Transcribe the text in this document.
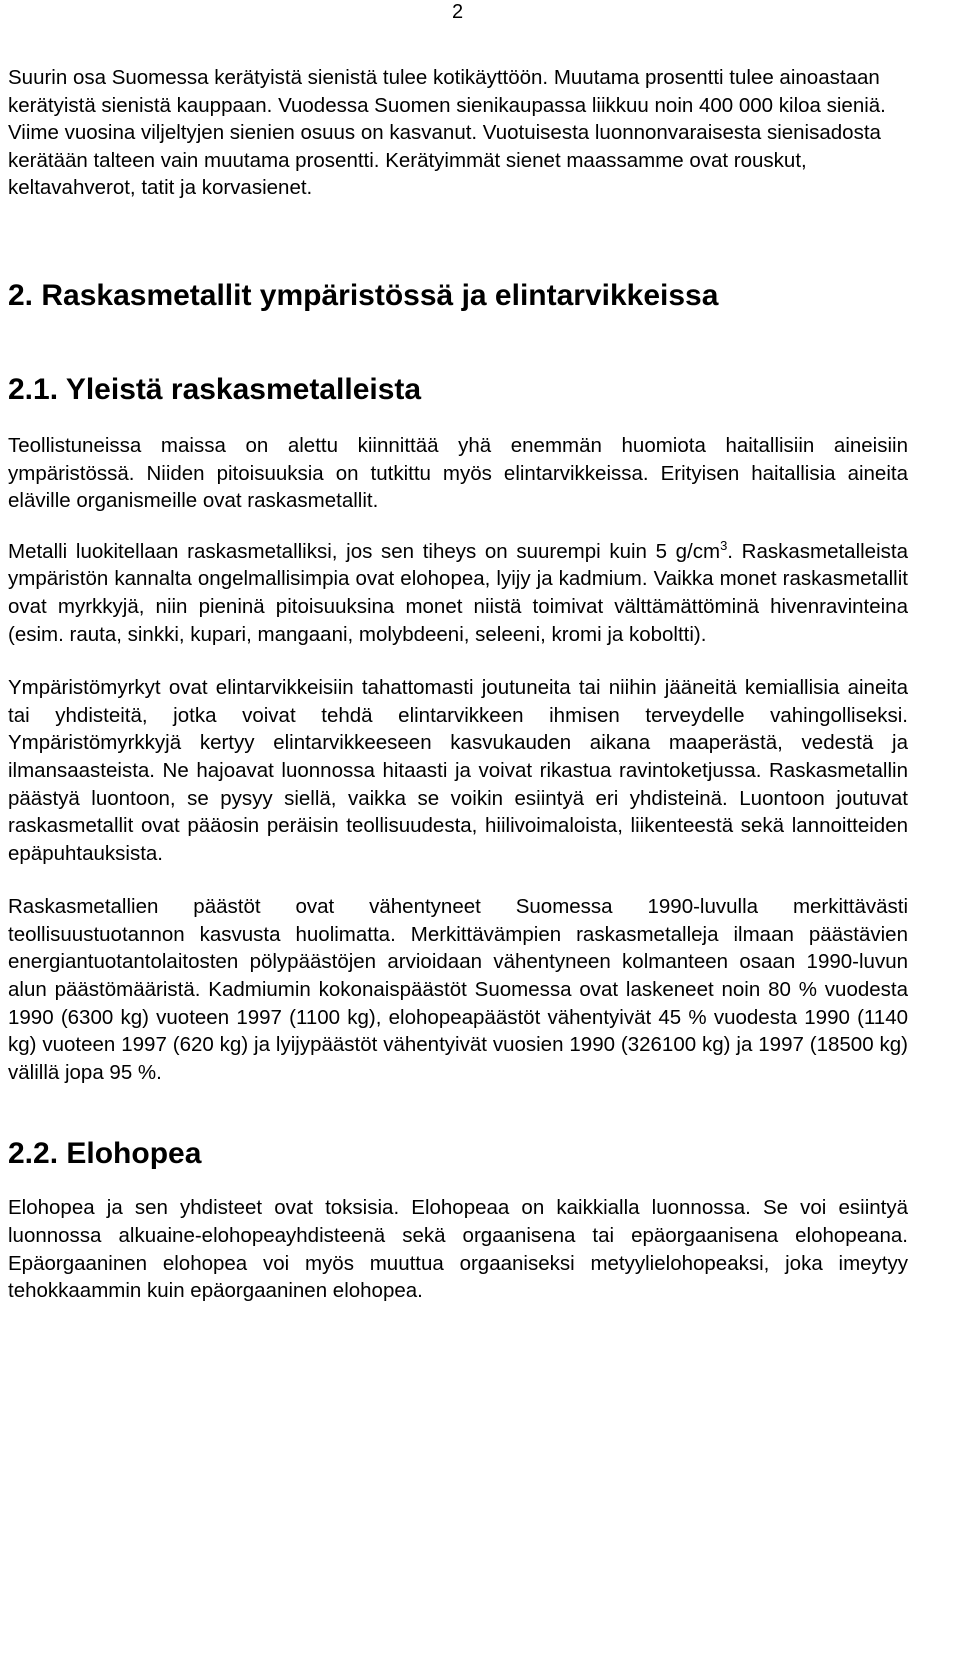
2

Suurin osa Suomessa kerätyistä sienistä tulee kotikäyttöön. Muutama prosentti tulee ainoastaan kerätyistä sienistä kauppaan. Vuodessa Suomen sienikaupassa liikkuu noin 400 000 kiloa sieniä. Viime vuosina viljeltyjen sienien osuus on kasvanut. Vuotuisesta luonnonvaraisesta sienisadosta kerätään talteen vain muutama prosentti. Kerätyimmät sienet maassamme ovat rouskut, keltavahverot, tatit ja korvasienet.

2. Raskasmetallit ympäristössä ja elintarvikkeissa
2.1. Yleistä raskasmetalleista

Teollistuneissa maissa on alettu kiinnittää yhä enemmän huomiota haitallisiin aineisiin ympäristössä. Niiden pitoisuuksia on tutkittu myös elintarvikkeissa. Erityisen haitallisia aineita eläville organismeille ovat raskasmetallit.

Metalli luokitellaan raskasmetalliksi, jos sen tiheys on suurempi kuin 5 $g/cm^3$. Raskasmetalleista ympäristön kannalta ongelmallisimpia ovat elohopea, lyijy ja kadmium. Vaikka monet raskasmetallit ovat myrkkyjä, niin pieninä pitoisuuksina monet niistä toimivat välttämättöminä hivenravinteina (esim. rauta, sinkki, kupari, mangaani, molybdeeni, seleeni, kromi ja koboltti).

Ympäristömyrkyt ovat elintarvikkeisiin tahattomasti joutuneita tai niihin jääneitä kemiallisia aineita tai yhdisteitä, jotka voivat tehdä elintarvikkeen ihmisen terveydelle vahingolliseksi. Ympäristömyrkkyjä kertyy elintarvikkeeseen kasvukauden aikana maaperästä, vedestä ja ilmansaasteista. Ne hajoavat luonnossa hitaasti ja voivat rikastua ravintoketjussa. Raskasmetallin päästyä luontoon, se pysyy siellä, vaikka se voikin esiintyä eri yhdisteinä. Luontoon joutuvat raskasmetallit ovat pääosin peräisin teollisuudesta, hiilivoimaloista, liikenteestä sekä lannoitteiden epäpuhtauksista.

Raskasmetallien päästöt ovat vähentyneet Suomessa 1990-luvulla merkittävästi teollisuustuotannon kasvusta huolimatta. Merkittävämpien raskasmetalleja ilmaan päästävien energiantuotantolaitosten pölypäästöjen arvioidaan vähentyneen kolmanteen osaan 1990-luvun alun päästömääristä. Kadmiumin kokonaispäästöt Suomessa ovat laskeneet noin 80 % vuodesta 1990 (6300 kg) vuoteen 1997 (1100 kg), elohopeapäästöt vähentyivät 45 % vuodesta 1990 (1140 kg) vuoteen 1997 (620 kg) ja lyijypäästöt vähentyivät vuosien 1990 (326100 kg) ja 1997 (18500 kg) välillä jopa 95 %.

2.2. Elohopea

Elohopea ja sen yhdisteet ovat toksisia. Elohopeaa on kaikkialla luonnossa. Se voi esiintyä luonnossa alkuaine-elohopeayhdisteenä sekä orgaanisena tai epäorgaanisena elohopeana. Epäorgaaninen elohopea voi myös muuttua orgaaniseksi metyylielohopeaksi, joka imeytyy tehokkaammin kuin epäorgaaninen elohopea.
